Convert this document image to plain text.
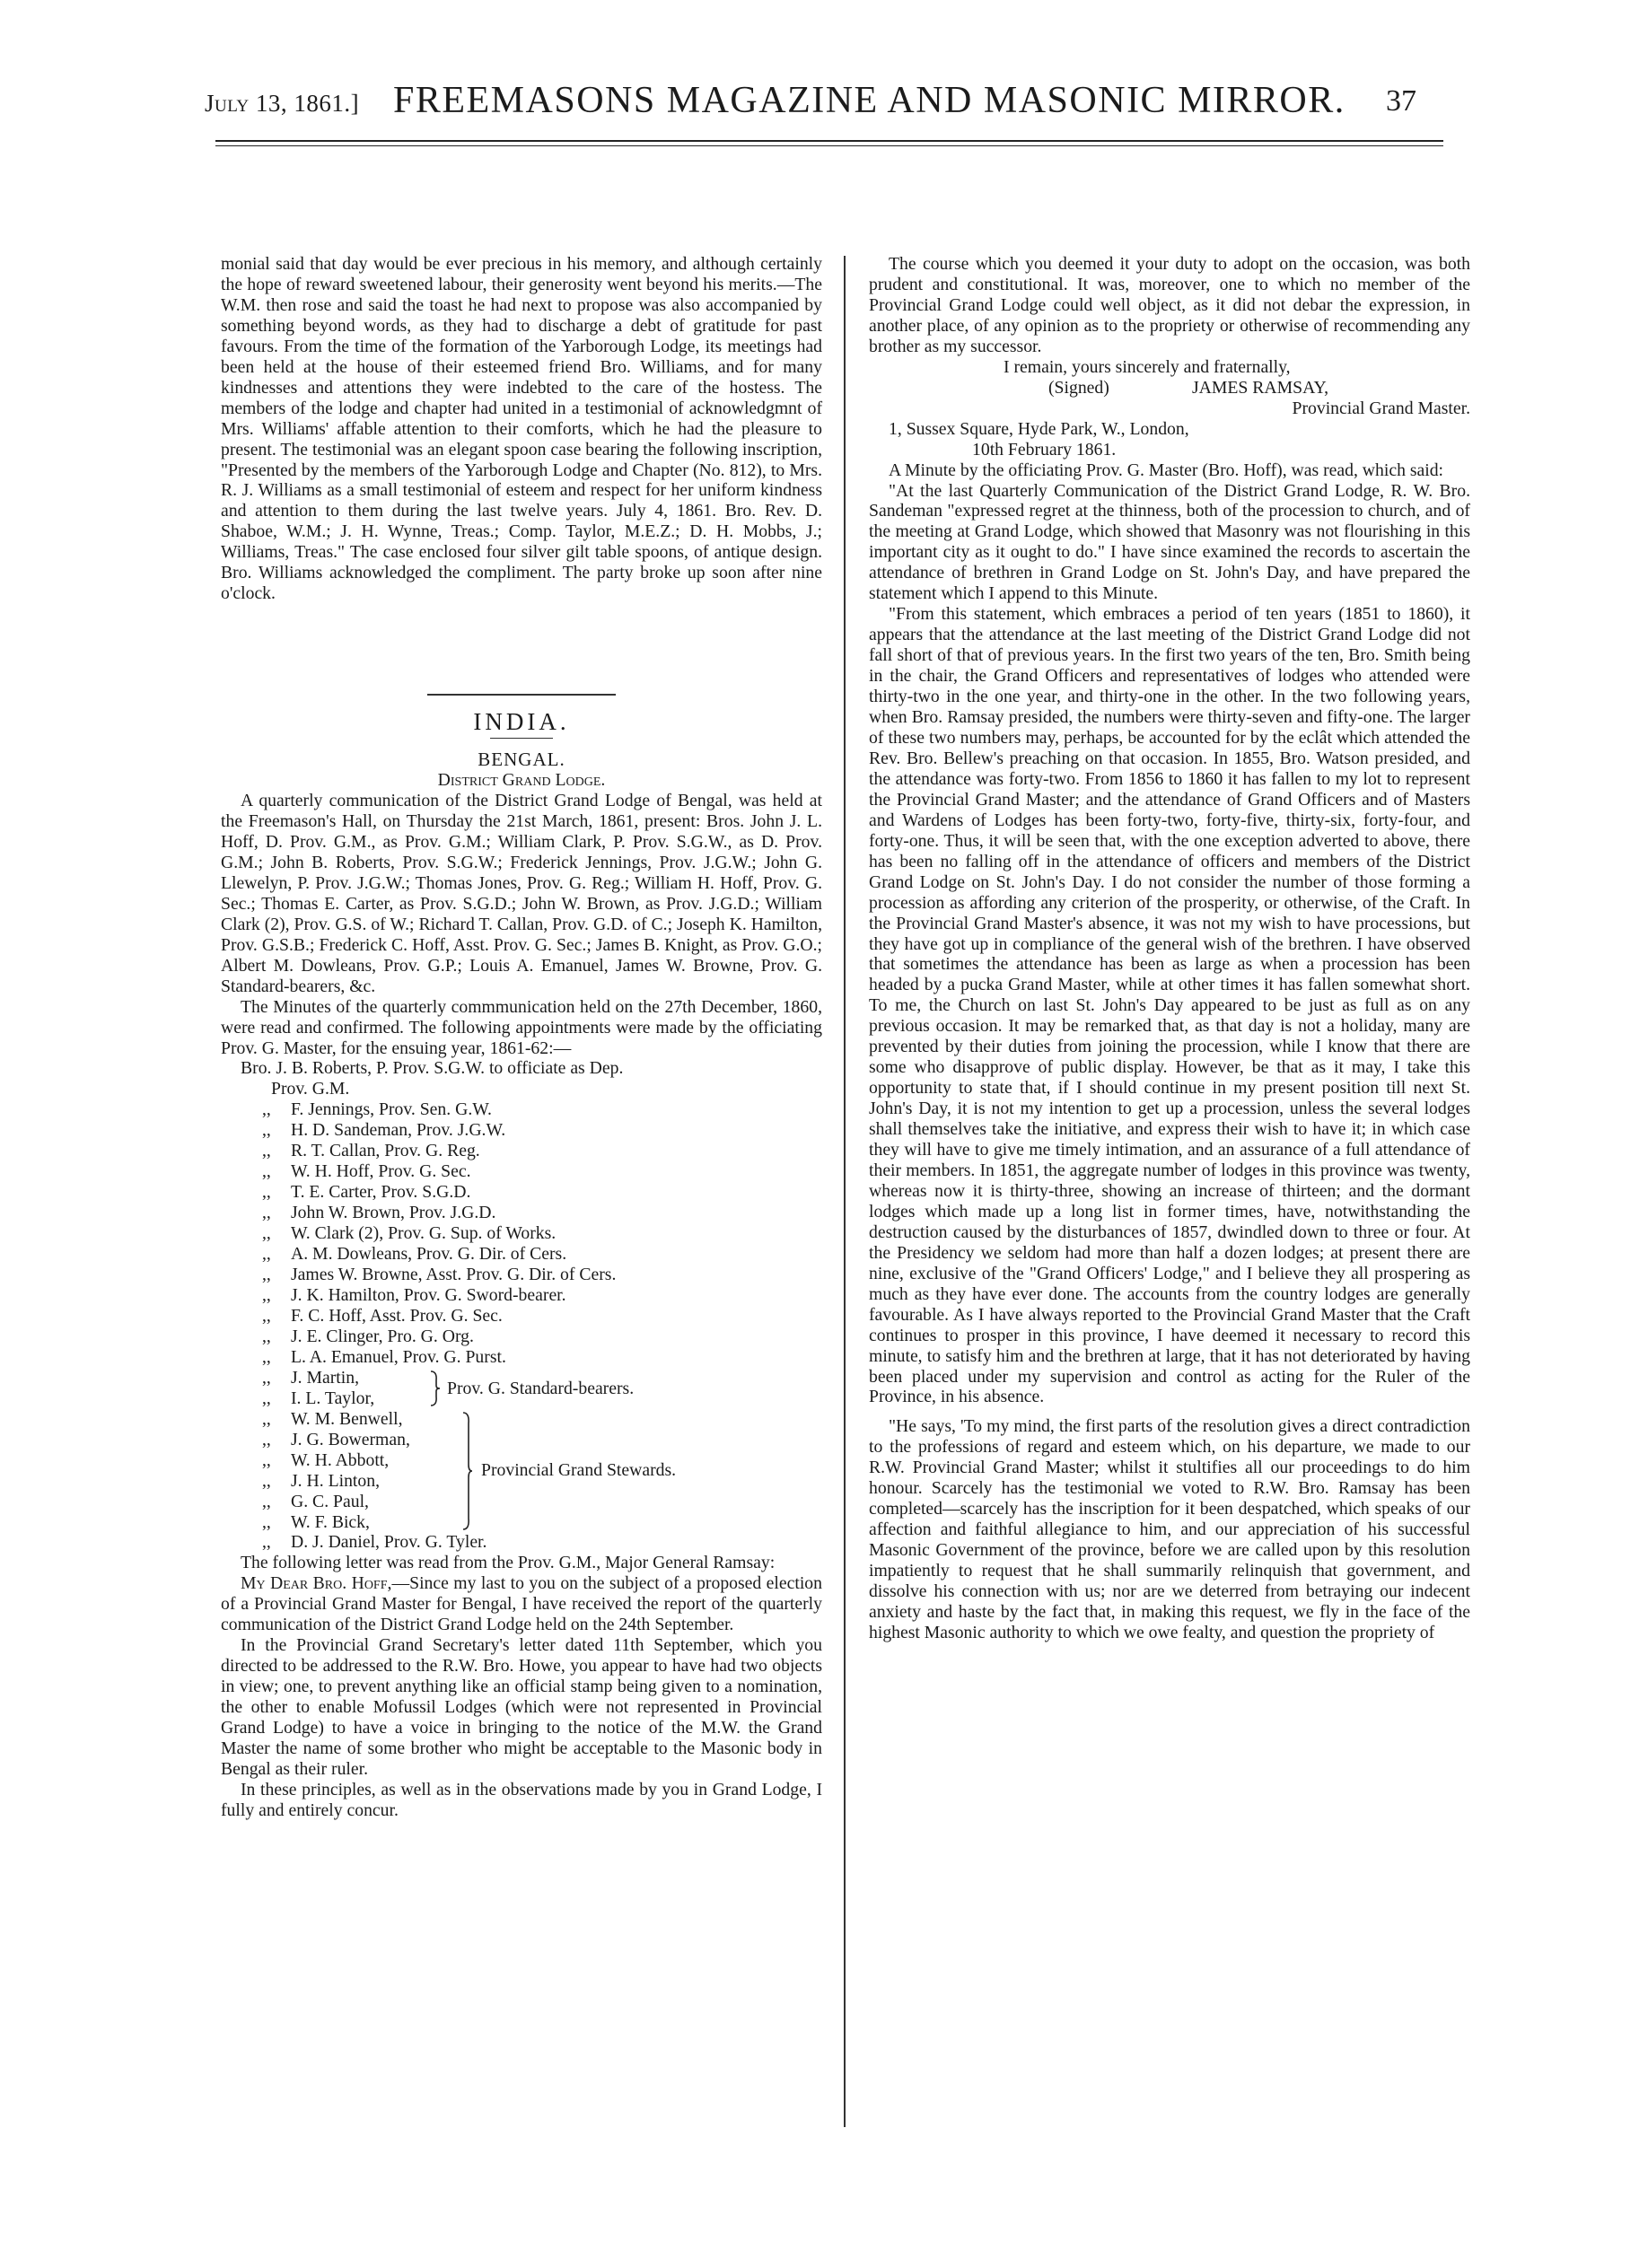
July 13, 1861.] FREEMASONS MAGAZINE AND MASONIC MIRROR. 37

monial said that day would be ever precious in his memory, and although certainly the hope of reward sweetened labour, their generosity went beyond his merits.—The W.M. then rose and said the toast he had next to propose was also accompanied by something beyond words, as they had to discharge a debt of gratitude for past favours. From the time of the formation of the Yarborough Lodge, its meetings had been held at the house of their esteemed friend Bro. Williams, and for many kindnesses and attentions they were indebted to the care of the hostess. The members of the lodge and chapter had united in a testimonial of acknowledgmnt of Mrs. Williams' affable attention to their comforts, which he had the pleasure to present. The testimonial was an elegant spoon case bearing the following inscription, "Presented by the members of the Yarborough Lodge and Chapter (No. 812), to Mrs. R. J. Williams as a small testimonial of esteem and respect for her uniform kindness and attention to them during the last twelve years. July 4, 1861. Bro. Rev. D. Shaboe, W.M.; J. H. Wynne, Treas.; Comp. Taylor, M.E.Z.; D. H. Mobbs, J.; Williams, Treas." The case enclosed four silver gilt table spoons, of antique design. Bro. Williams acknowledged the compliment. The party broke up soon after nine o'clock.

INDIA.

BENGAL.

District Grand Lodge.

A quarterly communication of the District Grand Lodge of Bengal, was held at the Freemason's Hall, on Thursday the 21st March, 1861, present: Bros. John J. L. Hoff, D. Prov. G.M., as Prov. G.M.; William Clark, P. Prov. S.G.W., as D. Prov. G.M.; John B. Roberts, Prov. S.G.W.; Frederick Jennings, Prov. J.G.W.; John G. Llewelyn, P. Prov. J.G.W.; Thomas Jones, Prov. G. Reg.; William H. Hoff, Prov. G. Sec.; Thomas E. Carter, as Prov. S.G.D.; John W. Brown, as Prov. J.G.D.; William Clark (2), Prov. G.S. of W.; Richard T. Callan, Prov. G.D. of C.; Joseph K. Hamilton, Prov. G.S.B.; Frederick C. Hoff, Asst. Prov. G. Sec.; James B. Knight, as Prov. G.O.; Albert M. Dowleans, Prov. G.P.; Louis A. Emanuel, James W. Browne, Prov. G. Standard-bearers, &c.

The Minutes of the quarterly commmunication held on the 27th December, 1860, were read and confirmed. The following appointments were made by the officiating Prov. G. Master, for the ensuing year, 1861-62:—

Bro. J. B. Roberts, P. Prov. S.G.W. to officiate as Dep.
Prov. G.M.
,, F. Jennings, Prov. Sen. G.W.
,, H. D. Sandeman, Prov. J.G.W.
,, R. T. Callan, Prov. G. Reg.
,, W. H. Hoff, Prov. G. Sec.
,, T. E. Carter, Prov. S.G.D.
,, John W. Brown, Prov. J.G.D.
,, W. Clark (2), Prov. G. Sup. of Works.
,, A. M. Dowleans, Prov. G. Dir. of Cers.
,, James W. Browne, Asst. Prov. G. Dir. of Cers.
,, J. K. Hamilton, Prov. G. Sword-bearer.
,, F. C. Hoff, Asst. Prov. G. Sec.
,, J. E. Clinger, Pro. G. Org.
,, L. A. Emanuel, Prov. G. Purst.
,, J. Martin,
,, I. L. Taylor,	Prov. G. Standard-bearers.
,, W. M. Benwell,
,, J. G. Bowerman,
,, W. H. Abbott,
,, J. H. Linton,
,, G. C. Paul,
,, W. F. Bick,
Provincial Grand Stewards.
,, D. J. Daniel, Prov. G. Tyler.

The following letter was read from the Prov. G.M., Major General Ramsay:

My Dear Bro. Hoff,—Since my last to you on the subject of a proposed election of a Provincial Grand Master for Bengal, I have received the report of the quarterly communication of the District Grand Lodge held on the 24th September.

In the Provincial Grand Secretary's letter dated 11th September, which you directed to be addressed to the R.W. Bro. Howe, you appear to have had two objects in view; one, to prevent anything like an official stamp being given to a nomination, the other to enable Mofussil Lodges (which were not represented in Provincial Grand Lodge) to have a voice in bringing to the notice of the M.W. the Grand Master the name of some brother who might be acceptable to the Masonic body in Bengal as their ruler.

In these principles, as well as in the observations made by you in Grand Lodge, I fully and entirely concur.

The course which you deemed it your duty to adopt on the occasion, was both prudent and constitutional. It was, moreover, one to which no member of the Provincial Grand Lodge could well object, as it did not debar the expression, in another place, of any opinion as to the propriety or otherwise of recommending any brother as my successor.

I remain, yours sincerely and fraternally,

(Signed)	JAMES RAMSAY,

Provincial Grand Master.

1, Sussex Square, Hyde Park, W., London,

10th February 1861.

A Minute by the officiating Prov. G. Master (Bro. Hoff), was read, which said:

"At the last Quarterly Communication of the District Grand Lodge, R. W. Bro. Sandeman "expressed regret at the thinness, both of the procession to church, and of the meeting at Grand Lodge, which showed that Masonry was not flourishing in this important city as it ought to do." I have since examined the records to ascertain the attendance of brethren in Grand Lodge on St. John's Day, and have prepared the statement which I append to this Minute.

"From this statement, which embraces a period of ten years (1851 to 1860), it appears that the attendance at the last meeting of the District Grand Lodge did not fall short of that of previous years. In the first two years of the ten, Bro. Smith being in the chair, the Grand Officers and representatives of lodges who attended were thirty-two in the one year, and thirty-one in the other. In the two following years, when Bro. Ramsay presided, the numbers were thirty-seven and fifty-one. The larger of these two numbers may, perhaps, be accounted for by the eclât which attended the Rev. Bro. Bellew's preaching on that occasion. In 1855, Bro. Watson presided, and the attendance was forty-two. From 1856 to 1860 it has fallen to my lot to represent the Provincial Grand Master; and the attendance of Grand Officers and of Masters and Wardens of Lodges has been forty-two, forty-five, thirty-six, forty-four, and forty-one. Thus, it will be seen that, with the one exception adverted to above, there has been no falling off in the attendance of officers and members of the District Grand Lodge on St. John's Day. I do not consider the number of those forming a procession as affording any criterion of the prosperity, or otherwise, of the Craft. In the Provincial Grand Master's absence, it was not my wish to have processions, but they have got up in compliance of the general wish of the brethren. I have observed that sometimes the attendance has been as large as when a procession has been headed by a pucka Grand Master, while at other times it has fallen somewhat short. To me, the Church on last St. John's Day appeared to be just as full as on any previous occasion. It may be remarked that, as that day is not a holiday, many are prevented by their duties from joining the procession, while I know that there are some who disapprove of public display. However, be that as it may, I take this opportunity to state that, if I should continue in my present position till next St. John's Day, it is not my intention to get up a procession, unless the several lodges shall themselves take the initiative, and express their wish to have it; in which case they will have to give me timely intimation, and an assurance of a full attendance of their members. In 1851, the aggregate number of lodges in this province was twenty, whereas now it is thirty-three, showing an increase of thirteen; and the dormant lodges which made up a long list in former times, have, notwithstanding the destruction caused by the disturbances of 1857, dwindled down to three or four. At the Presidency we seldom had more than half a dozen lodges; at present there are nine, exclusive of the "Grand Officers' Lodge," and I believe they all prospering as much as they have ever done. The accounts from the country lodges are generally favourable. As I have always reported to the Provincial Grand Master that the Craft continues to prosper in this province, I have deemed it necessary to record this minute, to satisfy him and the brethren at large, that it has not deteriorated by having been placed under my supervision and control as acting for the Ruler of the Province, in his absence.

"He says, 'To my mind, the first parts of the resolution gives a direct contradiction to the professions of regard and esteem which, on his departure, we made to our R.W. Provincial Grand Master; whilst it stultifies all our proceedings to do him honour. Scarcely has the testimonial we voted to R.W. Bro. Ramsay has been completed—scarcely has the inscription for it been despatched, which speaks of our affection and faithful allegiance to him, and our appreciation of his successful Masonic Government of the province, before we are called upon by this resolution impatiently to request that he shall summarily relinquish that government, and dissolve his connection with us; nor are we deterred from betraying our indecent anxiety and haste by the fact that, in making this request, we fly in the face of the highest Masonic authority to which we owe fealty, and question the propriety of
